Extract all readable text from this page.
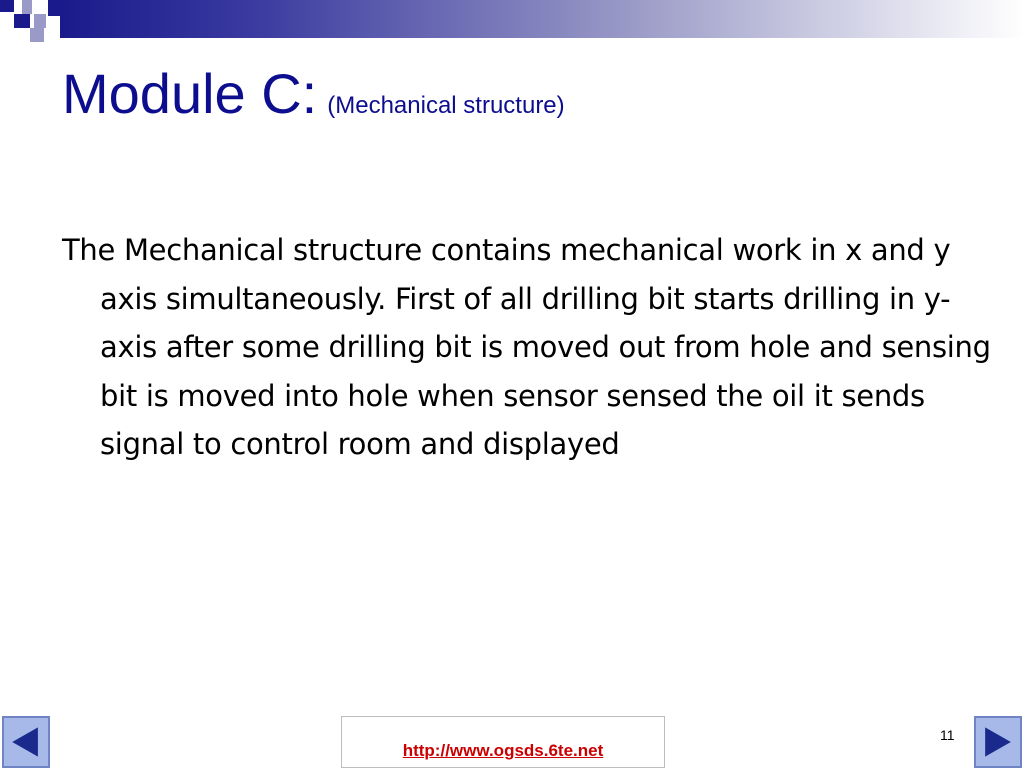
Module C: (Mechanical structure)
The Mechanical structure contains mechanical work in x and y axis simultaneously. First of all drilling bit starts drilling in y-axis after some drilling bit is moved out from hole and sensing bit is moved into hole when sensor sensed the oil it sends signal to control room and displayed
http://www.ogsds.6te.net
11
